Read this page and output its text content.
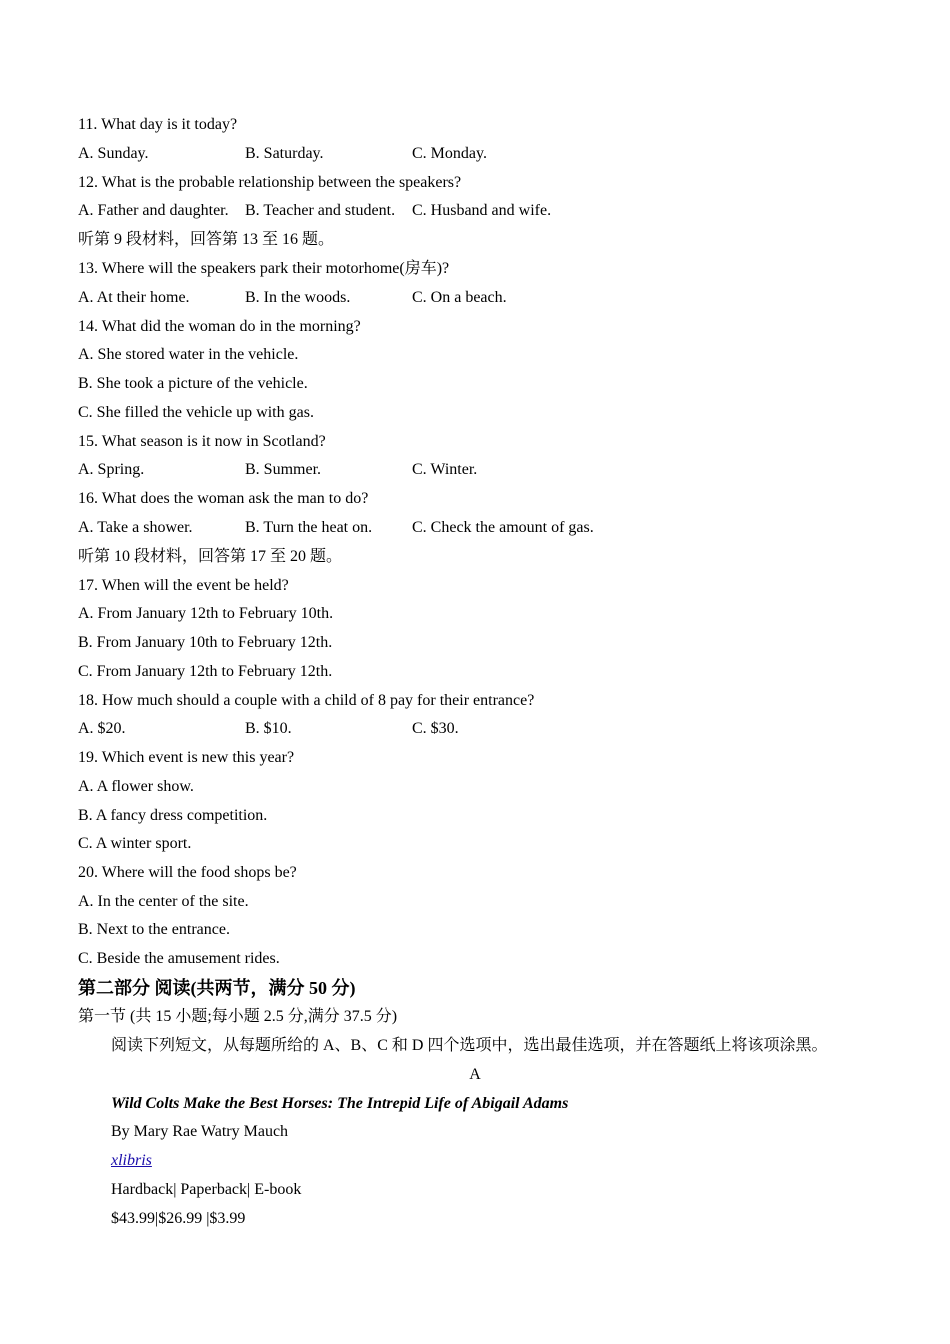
11. What day is it today?
A. Sunday.	B. Saturday.	C. Monday.
12. What is the probable relationship between the speakers?
A. Father and daughter. B. Teacher and student. C. Husband and wife.
听第 9 段材料，回答第 13 至 16 题。
13. Where will the speakers park their motorhome(房车)?
A. At their home.	B. In the woods.	C. On a beach.
14. What did the woman do in the morning?
A. She stored water in the vehicle.
B. She took a picture of the vehicle.
C. She filled the vehicle up with gas.
15. What season is it now in Scotland?
A. Spring.	B. Summer.	C. Winter.
16. What does the woman ask the man to do?
A. Take a shower.	B. Turn the heat on. C. Check the amount of gas.
听第 10 段材料，回答第 17 至 20 题。
17. When will the event be held?
A. From January 12th to February 10th.
B. From January 10th to February 12th.
C. From January 12th to February 12th.
18. How much should a couple with a child of 8 pay for their entrance?
A. $20.	B. $10.	C. $30.
19. Which event is new this year?
A. A flower show.
B. A fancy dress competition.
C. A winter sport.
20. Where will the food shops be?
A. In the center of the site.
B. Next to the entrance.
C. Beside the amusement rides.
第二部分 阅读(共两节，满分 50 分)
第一节 (共 15 小题;每小题 2.5 分,满分 37.5 分)
阅读下列短文，从每题所给的 A、B、C 和 D 四个选项中，选出最佳选项，并在答题纸上将该项涂黑。
A
Wild Colts Make the Best Horses: The Intrepid Life of Abigail Adams
By Mary Rae Watry Mauch
xlibris
Hardback| Paperback| E-book
$43.99|$26.99 |$3.99
